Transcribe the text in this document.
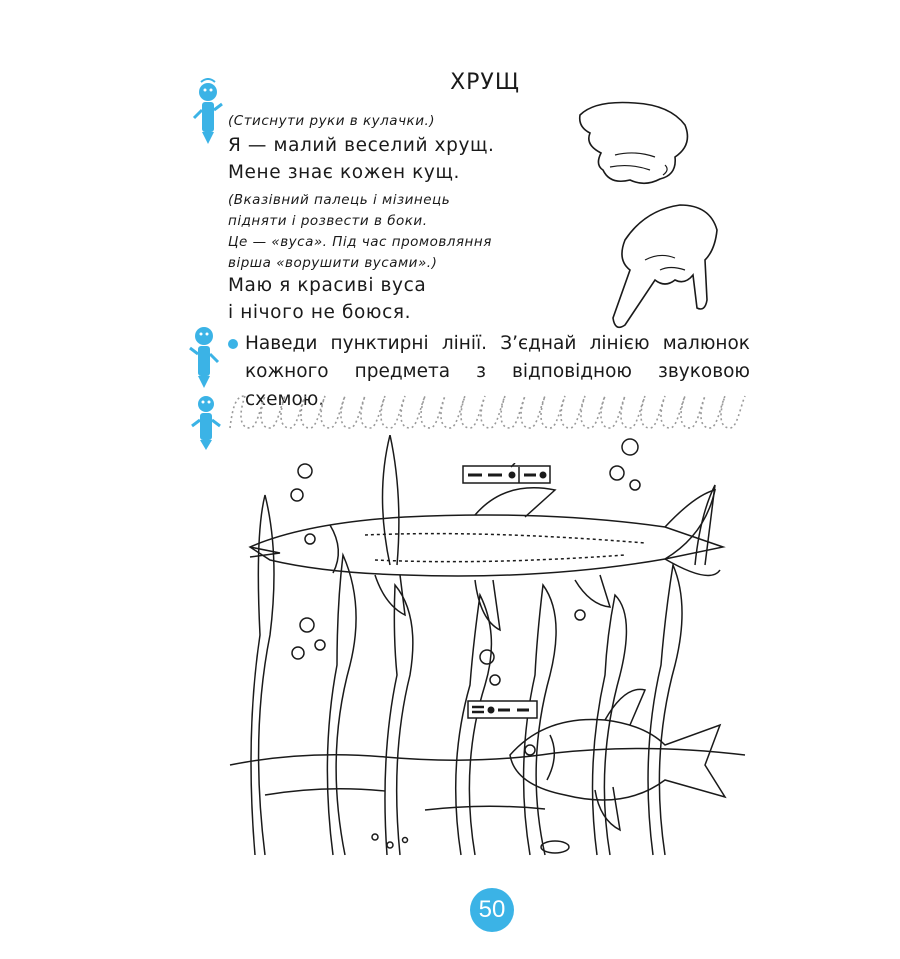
ХРУЩ
(Стиснути руки в кулачки.)
Я — малий веселий хрущ.
Мене знає кожен кущ.
(Вказівний палець і мізинець
підняти і розвести в боки.
Це — «вуса». Під час промовляння
вірша «ворушити вусами».)
Маю я красиві вуса
і нічого не боюся.
Наведи пунктирні лінії. З’єднай лінією малюнок
кожного предмета з відповідною звуковою схемою.
50
